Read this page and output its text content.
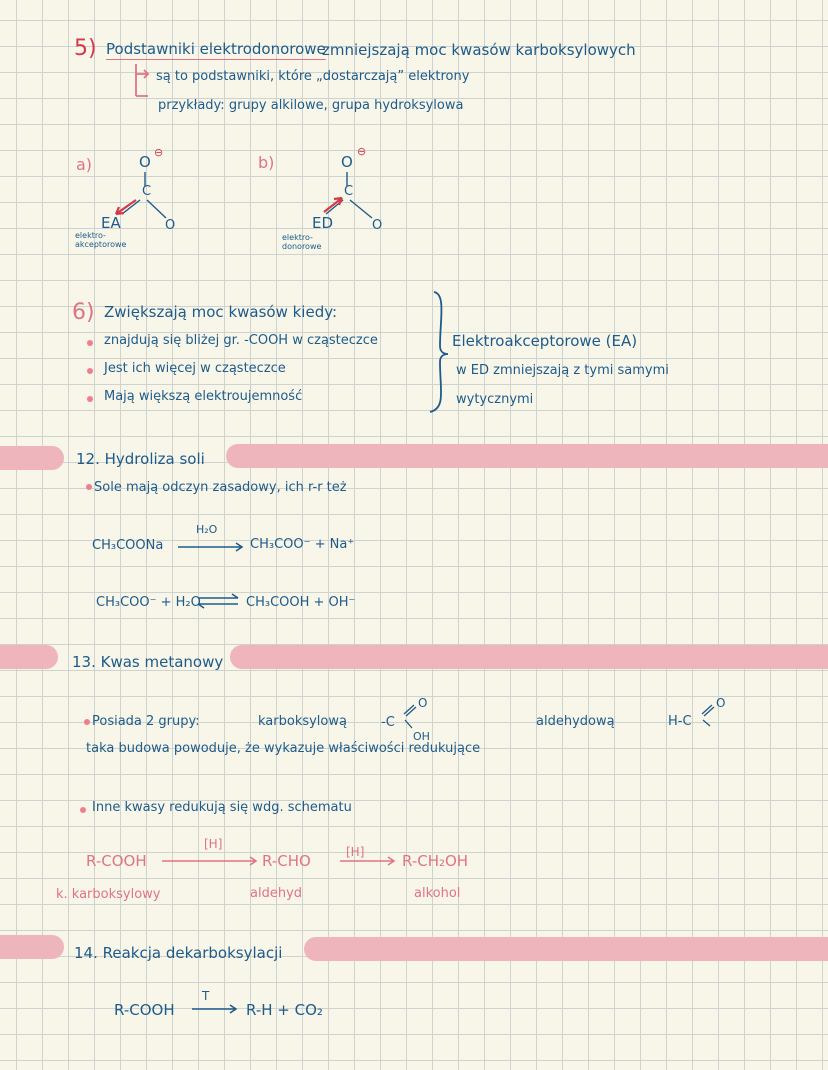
5) Podstawniki elektrodonorowe
zmniejszają moc kwasów karboksylowych
są to podstawniki, które „dostarczają” elektrony
przykłady: grupy alkilowe, grupa hydroksylowa
a)	b)
O
⊖
C
O
EA
elektro-
akceptorowe
O
⊖
C
O
ED
elektro-
donorowe
6) Zwiększają moc kwasów kiedy:
znajdują się bliżej gr. -COOH w cząsteczce
Jest ich więcej w cząsteczce
Mają większą elektroujemność
Elektroakceptorowe (EA)
w ED zmniejszają z tymi samymi
wytycznymi
12. Hydroliza soli
Sole mają odczyn zasadowy, ich r-r też
CH₃COONa
H₂O
CH₃COO⁻ + Na⁺
CH₃COO⁻ + H₂O ⇌ CH₃COOH + OH⁻
13. Kwas metanowy
Posiada 2 grupy:	karboksylową	-C
O
OH
aldehydową	H-C
O
taka budowa powoduje, że wykazuje właściwości redukujące
Inne kwasy redukują się wdg. schematu
R-COOH
[H]
R-CHO	[H] → R-CH₂OH
k. karboksylowy	aldehyd	alkohol
14. Reakcja dekarboksylacji
R-COOH
T
→ R-H + CO₂
